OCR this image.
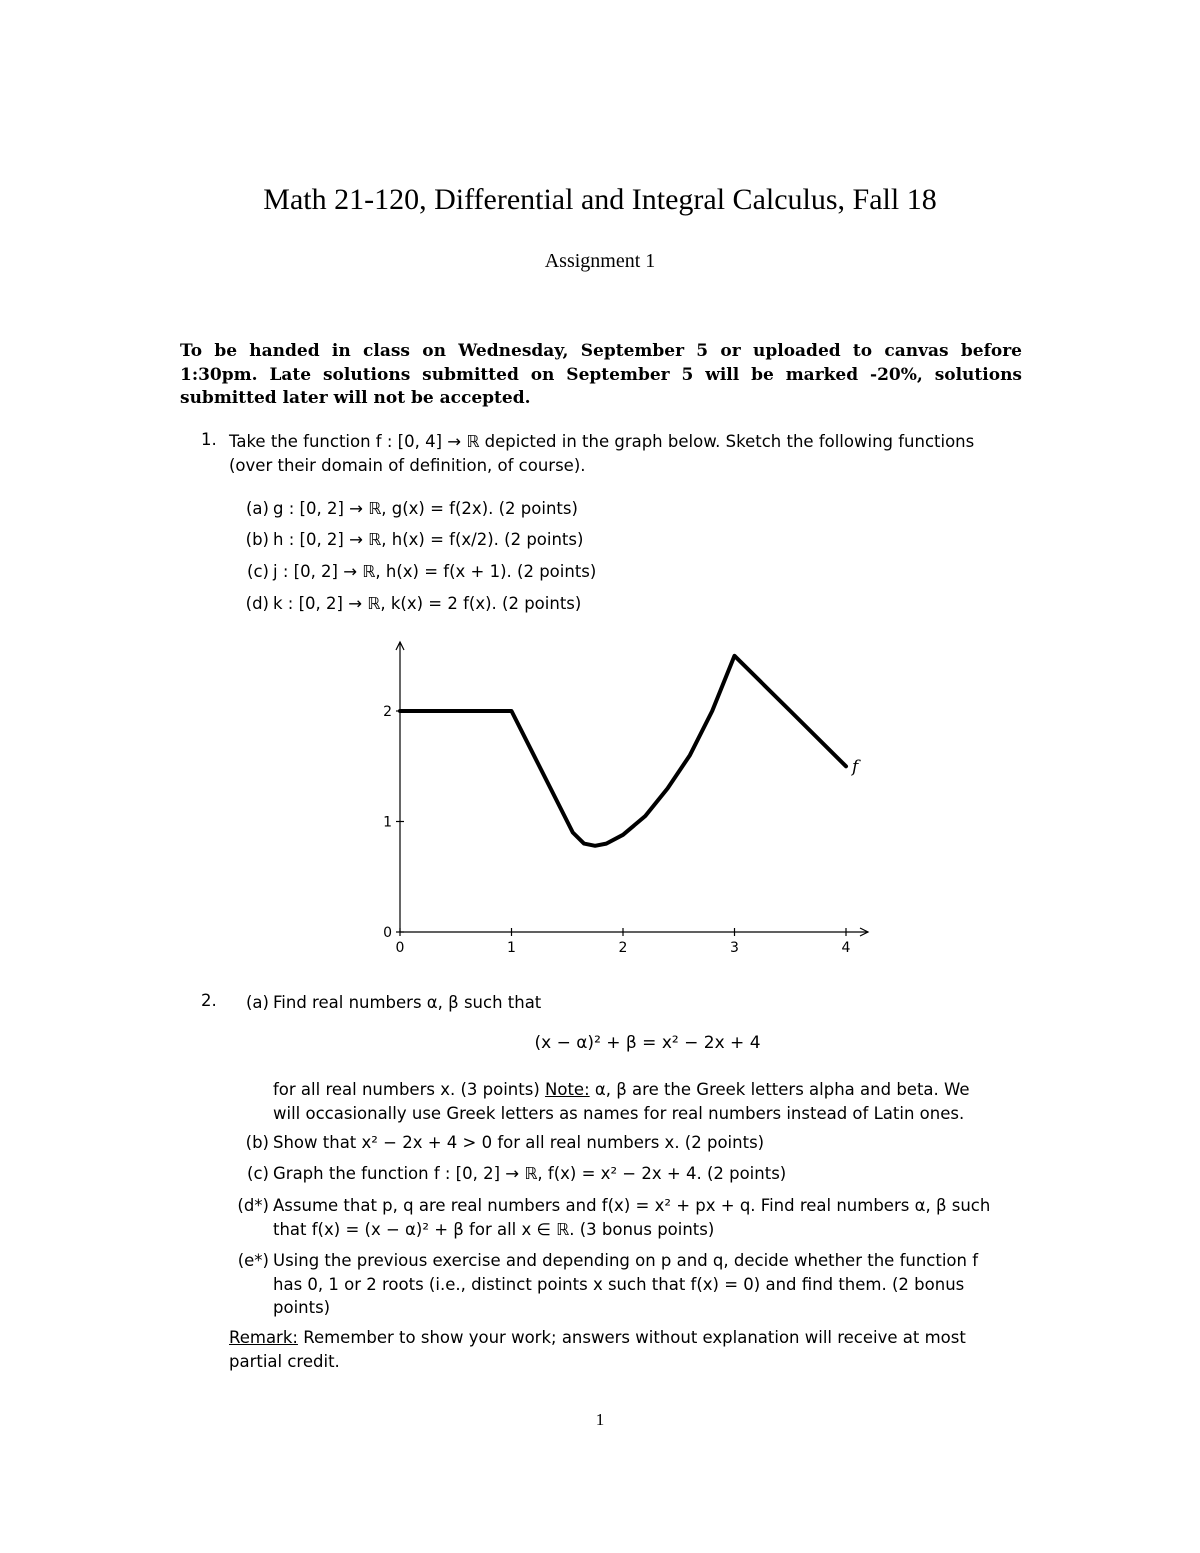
Math 21-120, Differential and Integral Calculus, Fall 18
Assignment 1
To be handed in class on Wednesday, September 5 or uploaded to canvas before 1:30pm. Late solutions submitted on September 5 will be marked -20%, solutions submitted later will not be accepted.
1. Take the function f : [0, 4] → ℝ depicted in the graph below. Sketch the following functions
(over their domain of definition, of course).
(a) g : [0, 2] → ℝ, g(x) = f(2x). (2 points)
(b) h : [0, 2] → ℝ, h(x) = f(x/2). (2 points)
(c) j : [0, 2] → ℝ, h(x) = f(x + 1). (2 points)
(d) k : [0, 2] → ℝ, k(x) = 2 f(x). (2 points)
0	1	2	3	4
0
1
2
f
2.	(a) Find real numbers α, β such that
(x − α)² + β = x² − 2x + 4
for all real numbers x. (3 points) Note: α, β are the Greek letters alpha and beta. We
will occasionally use Greek letters as names for real numbers instead of Latin ones.
(b) Show that x² − 2x + 4 > 0 for all real numbers x. (2 points)
(c) Graph the function f : [0, 2] → ℝ, f(x) = x² − 2x + 4. (2 points)
(d*) Assume that p, q are real numbers and f(x) = x² + px + q. Find real numbers α, β such
that f(x) = (x − α)² + β for all x ∈ ℝ. (3 bonus points)
(e*) Using the previous exercise and depending on p and q, decide whether the function f
has 0, 1 or 2 roots (i.e., distinct points x such that f(x) = 0) and find them. (2 bonus
points)
Remark: Remember to show your work; answers without explanation will receive at most
partial credit.
1
